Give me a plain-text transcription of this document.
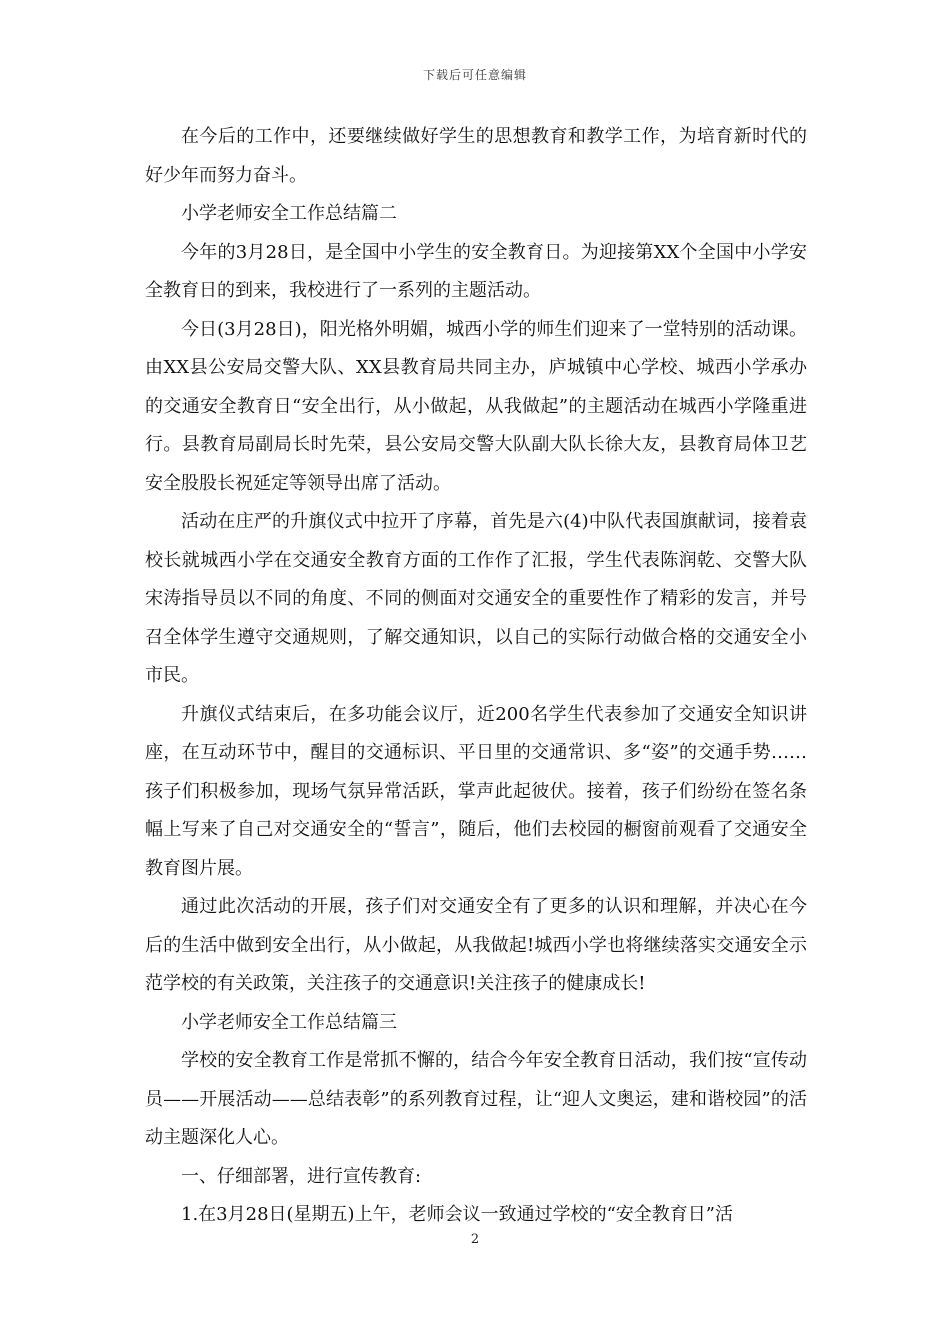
下载后可任意编辑

在今后的工作中，还要继续做好学生的思想教育和教学工作，为培育新时代的好少年而努力奋斗。

小学老师安全工作总结篇二

今年的3月28日，是全国中小学生的安全教育日。为迎接第XX个全国中小学安全教育日的到来，我校进行了一系列的主题活动。

今日(3月28日)，阳光格外明媚，城西小学的师生们迎来了一堂特别的活动课。由XX县公安局交警大队、XX县教育局共同主办，庐城镇中心学校、城西小学承办的交通安全教育日“安全出行，从小做起，从我做起”的主题活动在城西小学隆重进行。县教育局副局长时先荣，县公安局交警大队副大队长徐大友，县教育局体卫艺安全股股长祝延定等领导出席了活动。

活动在庄严的升旗仪式中拉开了序幕，首先是六(4)中队代表国旗献词，接着袁校长就城西小学在交通安全教育方面的工作作了汇报，学生代表陈润乾、交警大队宋涛指导员以不同的角度、不同的侧面对交通安全的重要性作了精彩的发言，并号召全体学生遵守交通规则，了解交通知识，以自己的实际行动做合格的交通安全小市民。

升旗仪式结束后，在多功能会议厅，近200名学生代表参加了交通安全知识讲座，在互动环节中，醒目的交通标识、平日里的交通常识、多“姿”的交通手势……孩子们积极参加，现场气氛异常活跃，掌声此起彼伏。接着，孩子们纷纷在签名条幅上写来了自己对交通安全的“誓言”，随后，他们去校园的橱窗前观看了交通安全教育图片展。

通过此次活动的开展，孩子们对交通安全有了更多的认识和理解，并决心在今后的生活中做到安全出行，从小做起，从我做起!城西小学也将继续落实交通安全示范学校的有关政策，关注孩子的交通意识!关注孩子的健康成长!

小学老师安全工作总结篇三

学校的安全教育工作是常抓不懈的，结合今年安全教育日活动，我们按“宣传动员——开展活动——总结表彰”的系列教育过程，让“迎人文奥运，建和谐校园”的活动主题深化人心。

一、仔细部署，进行宣传教育:

1.在3月28日(星期五)上午，老师会议一致通过学校的“安全教育日”活

2
